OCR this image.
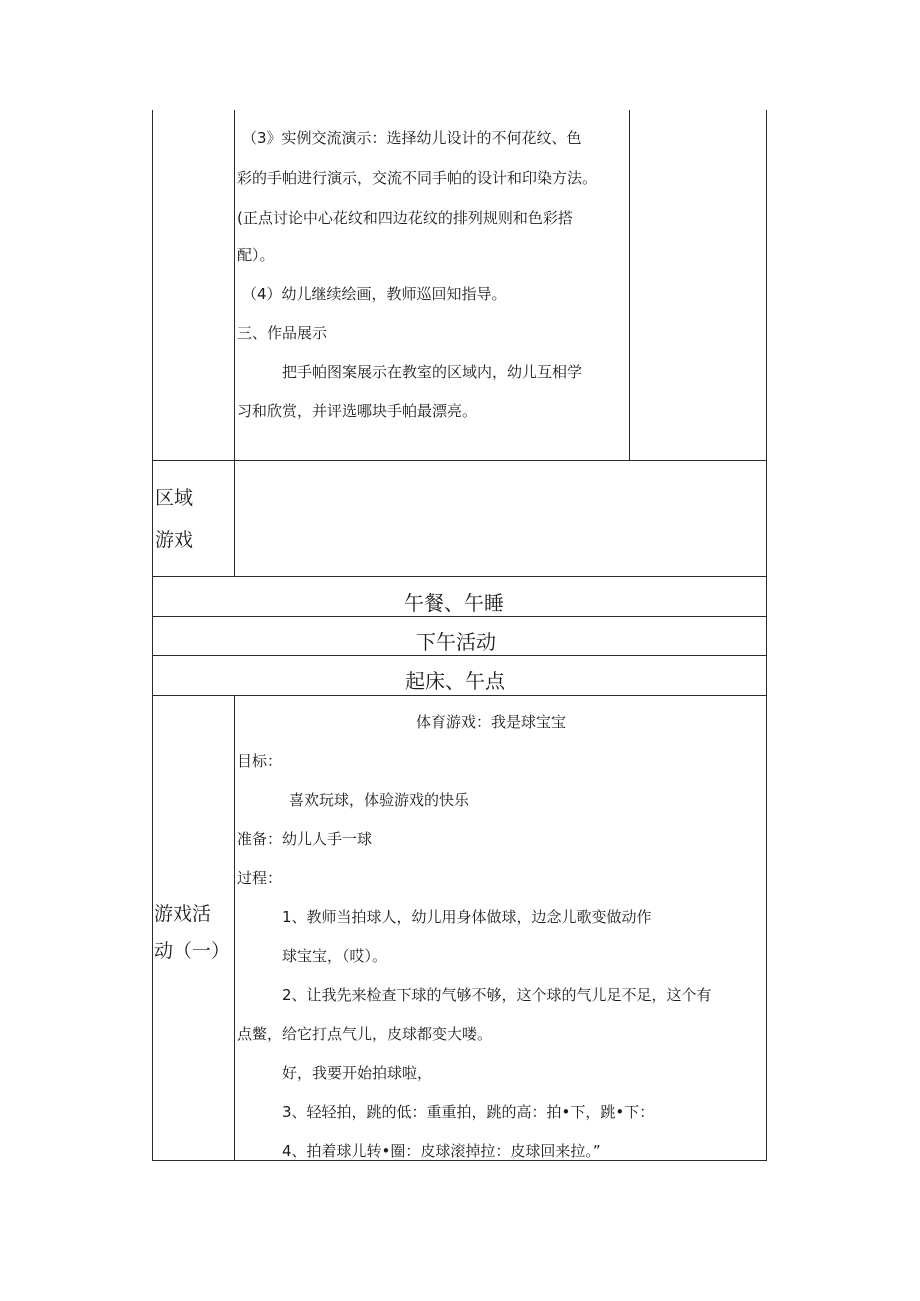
（3》实例交流演示：选择幼儿设计的不何花纹、色
彩的手帕进行演示，交流不同手帕的设计和印染方法。
(正点讨论中心花纹和四边花纹的排列规则和色彩搭
配）。
（4）幼儿继续绘画，教师巡回知指导。
三、作品展示
把手帕图案展示在教室的区域内，幼儿互相学
习和欣赏，并评选哪块手帕最漂亮。
区域
游戏
午餐、午睡
下午活动
起床、午点
游戏活
动（一）
体育游戏：我是球宝宝
目标：
喜欢玩球，体验游戏的快乐
准备：幼儿人手一球
过程：
1、教师当拍球人，幼儿用身体做球，边念儿歌变做动作
球宝宝，（哎）。
2、让我先来检查下球的气够不够，这个球的气儿足不足，这个有
点鳖，给它打点气儿，皮球都变大喽。
好，我要开始拍球啦，
3、轻轻拍，跳的低：重重拍，跳的高：拍•下，跳•下：
4、拍着球儿转•圈：皮球滚掉拉：皮球回来拉。”
